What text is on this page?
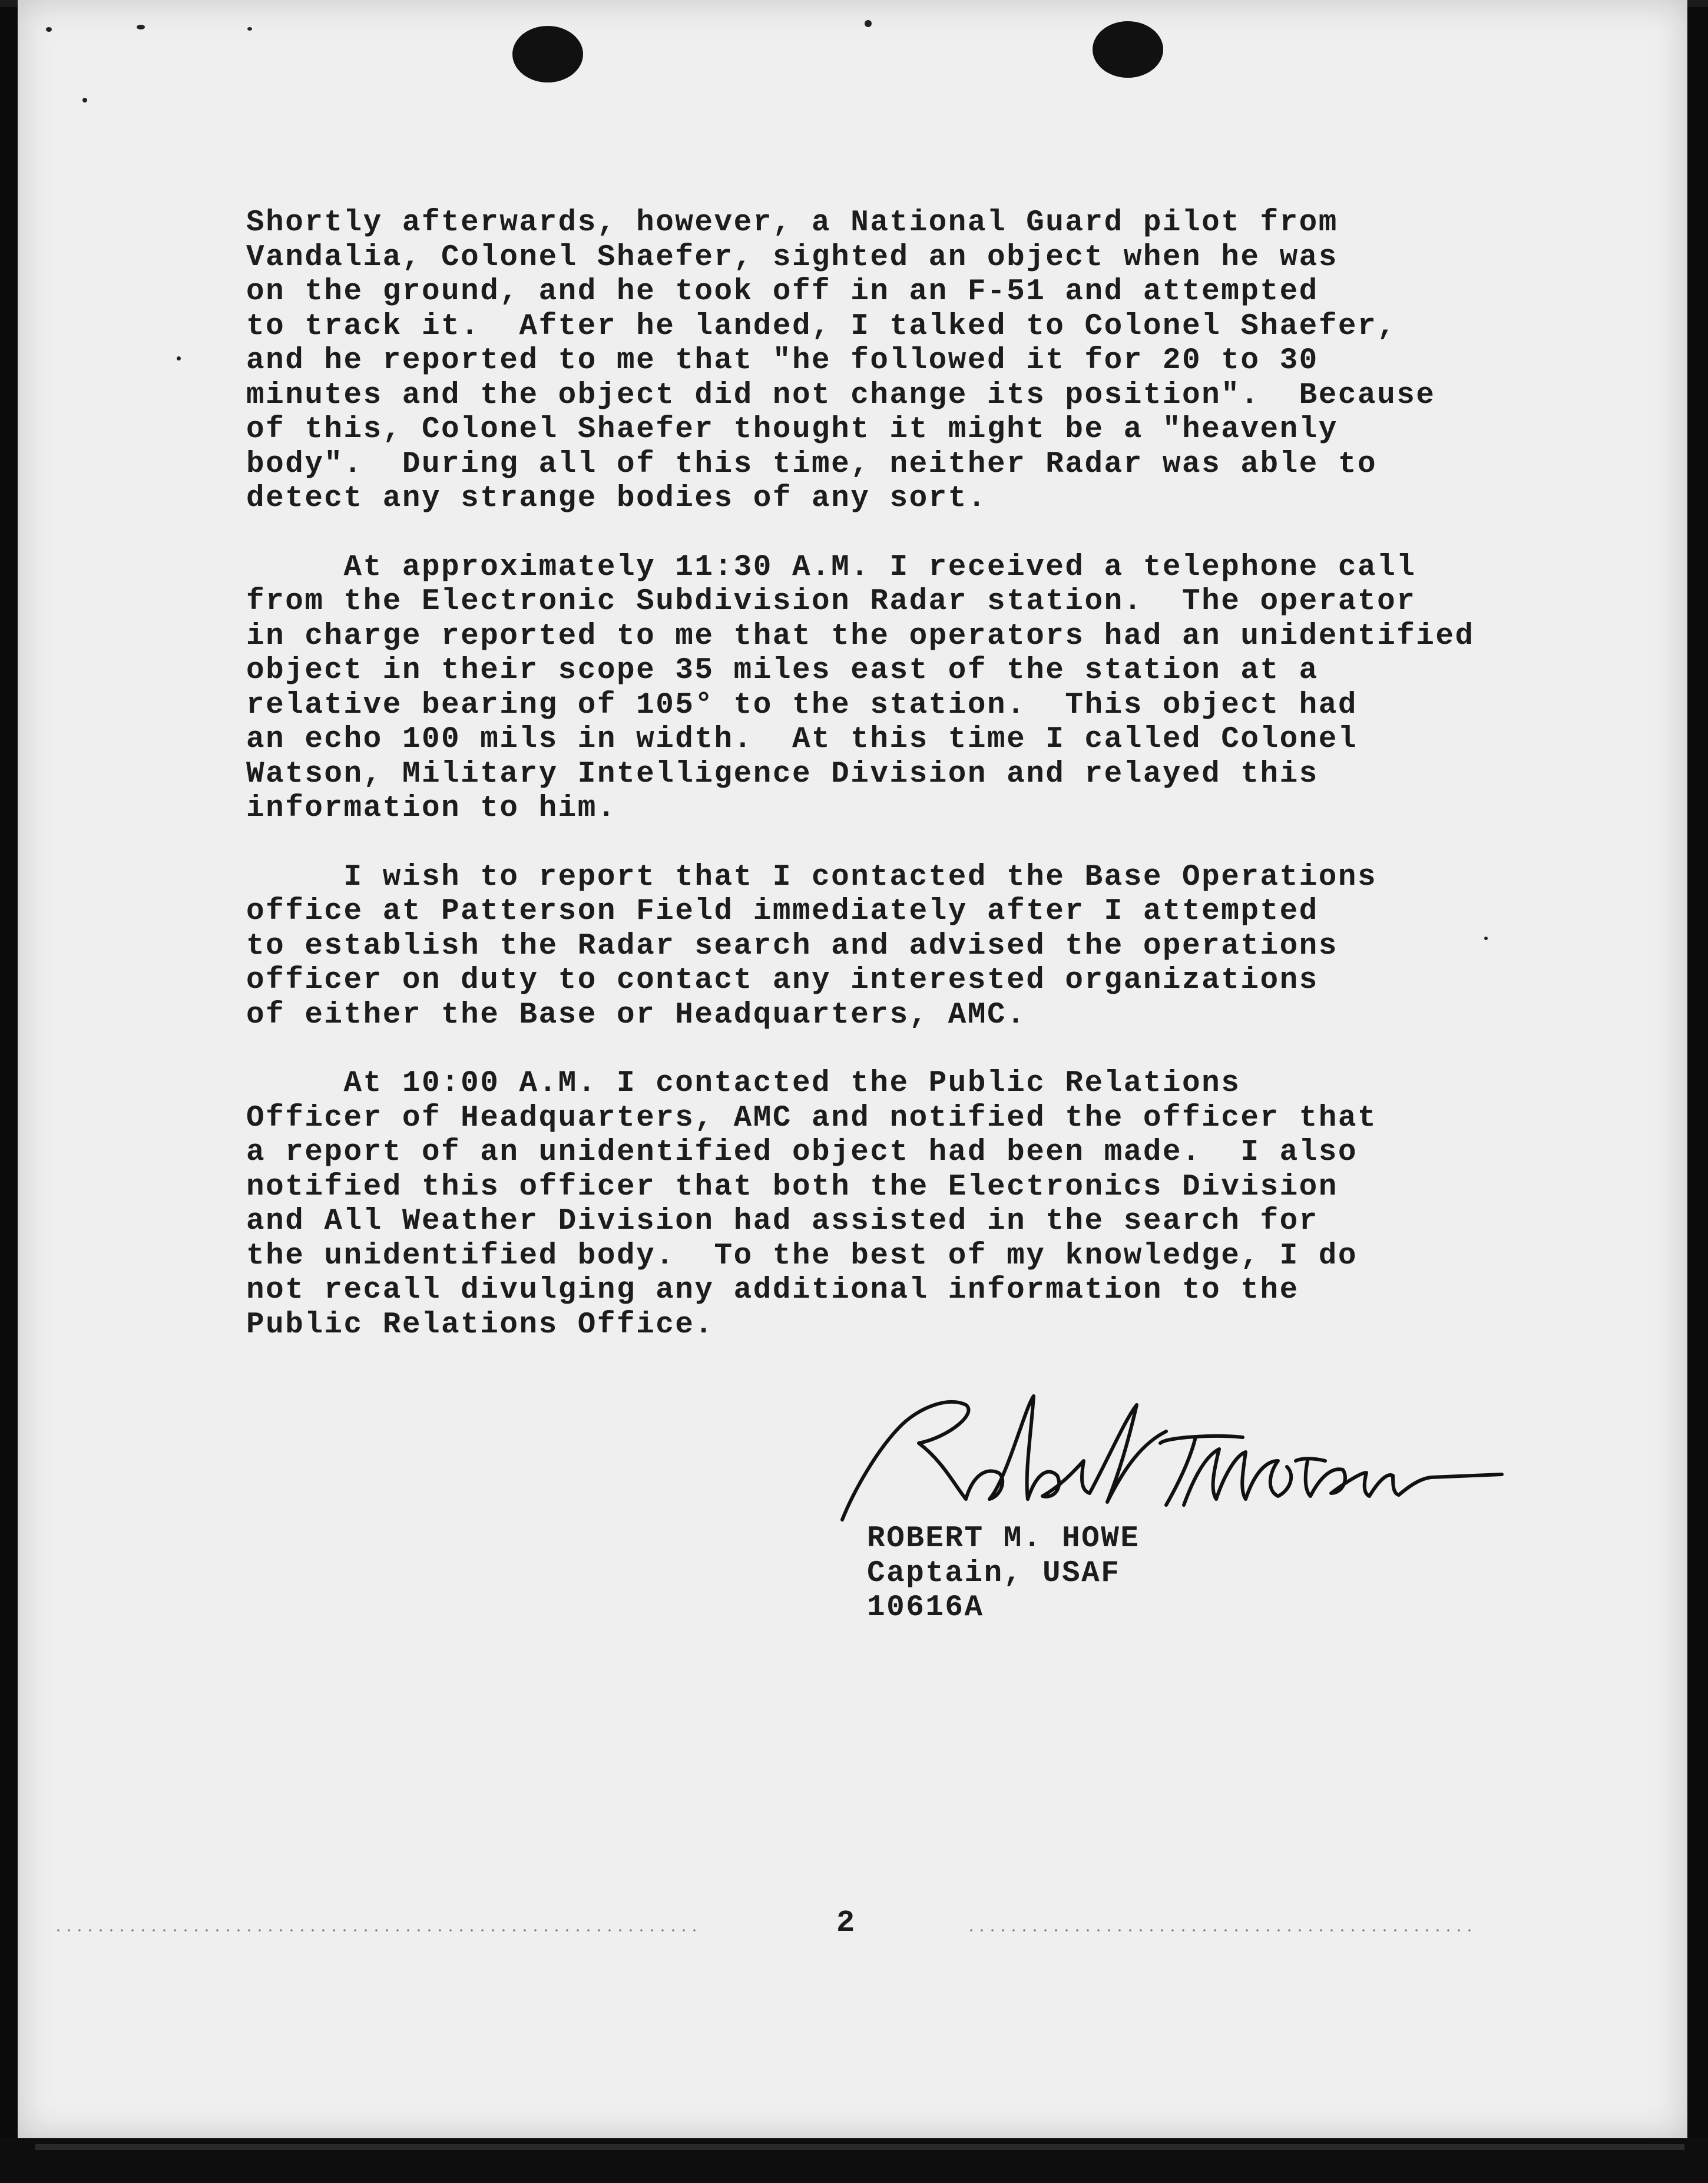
Shortly afterwards, however, a National Guard pilot from
Vandalia, Colonel Shaefer, sighted an object when he was
on the ground, and he took off in an F-51 and attempted
to track it.  After he landed, I talked to Colonel Shaefer,
and he reported to me that "he followed it for 20 to 30
minutes and the object did not change its position".  Because
of this, Colonel Shaefer thought it might be a "heavenly
body".  During all of this time, neither Radar was able to
detect any strange bodies of any sort.

At approximately 11:30 A.M. I received a telephone call
from the Electronic Subdivision Radar station.  The operator
in charge reported to me that the operators had an unidentified
object in their scope 35 miles east of the station at a
relative bearing of 105° to the station.  This object had
an echo 100 mils in width.  At this time I called Colonel
Watson, Military Intelligence Division and relayed this
information to him.

I wish to report that I contacted the Base Operations
office at Patterson Field immediately after I attempted
to establish the Radar search and advised the operations
officer on duty to contact any interested organizations
of either the Base or Headquarters, AMC.

At 10:00 A.M. I contacted the Public Relations
Officer of Headquarters, AMC and notified the officer that
a report of an unidentified object had been made.  I also
notified this officer that both the Electronics Division
and All Weather Division had assisted in the search for
the unidentified body.  To the best of my knowledge, I do
not recall divulging any additional information to the
Public Relations Office.

ROBERT M. HOWE
Captain, USAF
10616A
2
